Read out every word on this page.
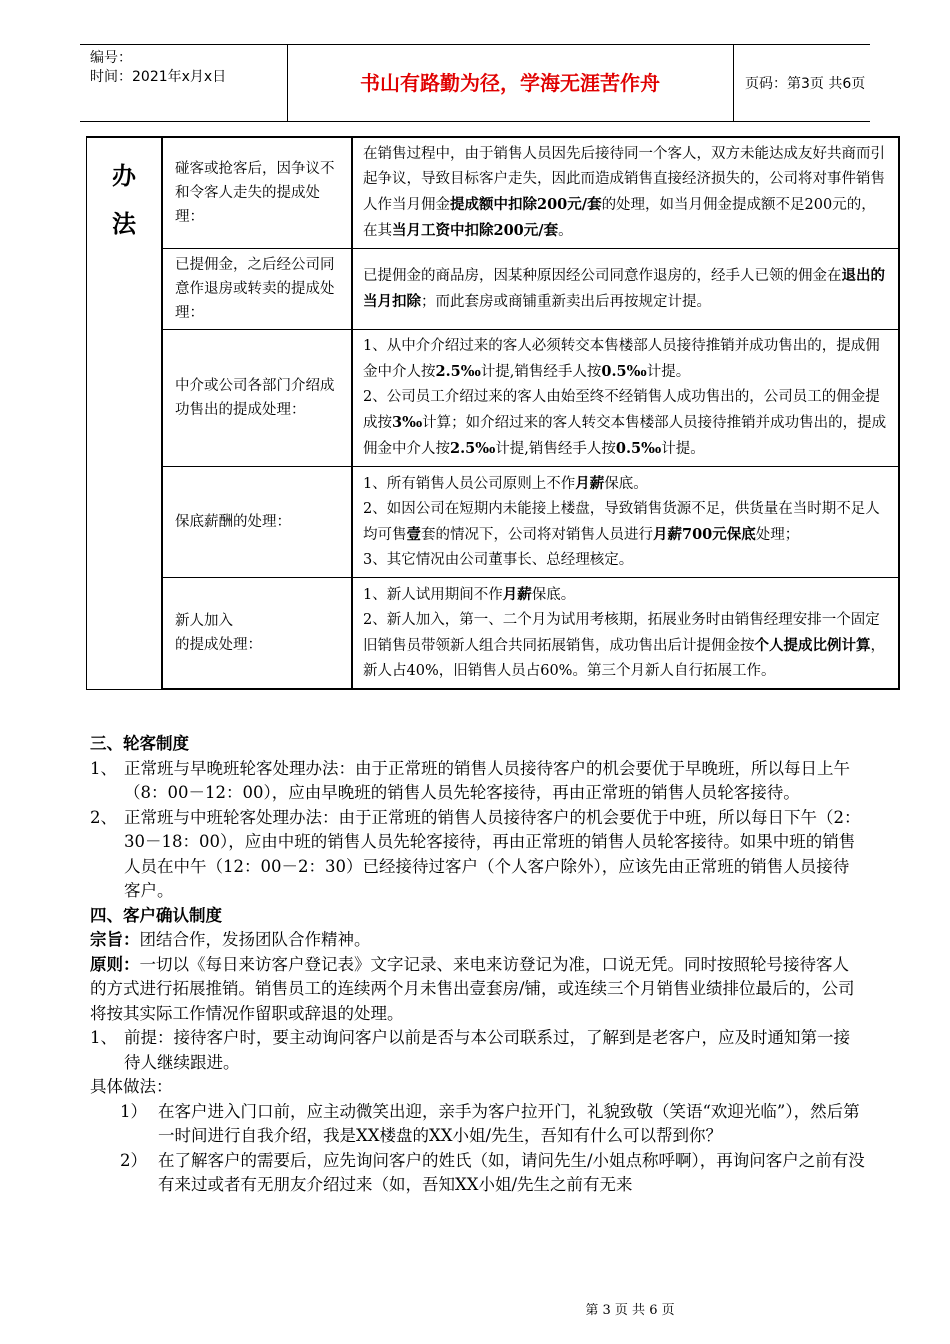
编号：
时间：2021年x月x日	书山有路勤为径，学海无涯苦作舟	页码：第3页 共6页
办
法	碰客或抢客后，因争议不和令客人走失的提成处理：	在销售过程中，由于销售人员因先后接待同一个客人，双方未能达成友好共商而引起争议，导致目标客户走失，因此而造成销售直接经济损失的，公司将对事件销售人作当月佣金提成额中扣除200元/套的处理，如当月佣金提成额不足200元的，在其当月工资中扣除200元/套。
	已提佣金，之后经公司同意作退房或转卖的提成处理：	已提佣金的商品房，因某种原因经公司同意作退房的，经手人已领的佣金在退出的当月扣除；而此套房或商铺重新卖出后再按规定计提。
	中介或公司各部门介绍成功售出的提成处理：	1、从中介介绍过来的客人必须转交本售楼部人员接待推销并成功售出的，提成佣金中介人按2.5‰计提,销售经手人按0.5‰计提。
2、公司员工介绍过来的客人由始至终不经销售人成功售出的，公司员工的佣金提成按3‰计算；如介绍过来的客人转交本售楼部人员接待推销并成功售出的，提成佣金中介人按2.5‰计提,销售经手人按0.5‰计提。
	保底薪酬的处理：	1、所有销售人员公司原则上不作月薪保底。
2、如因公司在短期内未能接上楼盘，导致销售货源不足，供货量在当时期不足人均可售壹套的情况下，公司将对销售人员进行月薪700元保底处理；
3、其它情况由公司董事长、总经理核定。
	新人加入
的提成处理：	1、新人试用期间不作月薪保底。
2、新人加入，第一、二个月为试用考核期，拓展业务时由销售经理安排一个固定旧销售员带领新人组合共同拓展销售，成功售出后计提佣金按个人提成比例计算，新人占40%，旧销售人员占60%。第三个月新人自行拓展工作。

三、轮客制度

1、 正常班与早晚班轮客处理办法：由于正常班的销售人员接待客户的机会要优于早晚班，所以每日上午（8：00－12：00），应由早晚班的销售人员先轮客接待，再由正常班的销售人员轮客接待。
2、 正常班与中班轮客处理办法：由于正常班的销售人员接待客户的机会要优于中班，所以每日下午（2：30－18：00），应由中班的销售人员先轮客接待，再由正常班的销售人员轮客接待。如果中班的销售人员在中午（12：00－2：30）已经接待过客户（个人客户除外），应该先由正常班的销售人员接待客户。

四、客户确认制度

宗旨：团结合作，发扬团队合作精神。

原则：一切以《每日来访客户登记表》文字记录、来电来访登记为准，口说无凭。同时按照轮号接待客人的方式进行拓展推销。销售员工的连续两个月未售出壹套房/铺，或连续三个月销售业绩排位最后的，公司将按其实际工作情况作留职或辞退的处理。

1、 前提：接待客户时，要主动询问客户以前是否与本公司联系过，了解到是老客户，应及时通知第一接待人继续跟进。

具体做法：

1） 在客户进入门口前，应主动微笑出迎，亲手为客户拉开门，礼貌致敬（笑语“欢迎光临”），然后第一时间进行自我介绍，我是XX楼盘的XX小姐/先生，吾知有什么可以帮到你？
2） 在了解客户的需要后，应先询问客户的姓氏（如，请问先生/小姐点称呼啊），再询问客户之前有没有来过或者有无朋友介绍过来（如，吾知XX小姐/先生之前有无来
第 3 页 共 6 页
